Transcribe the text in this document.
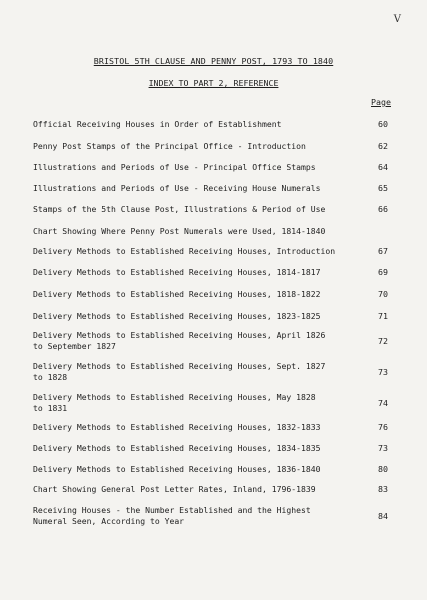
V
BRISTOL 5TH CLAUSE AND PENNY POST, 1793 TO 1840
INDEX TO PART 2, REFERENCE
Page
Official Receiving Houses in Order of Establishment	60
Penny Post Stamps of the Principal Office - Introduction	62
Illustrations and Periods of Use - Principal Office Stamps	64
Illustrations and Periods of Use - Receiving House Numerals	65
Stamps of the 5th Clause Post, Illustrations & Period of Use	66
Chart Showing Where Penny Post Numerals were Used, 1814-1840
Delivery Methods to Established Receiving Houses, Introduction	67
Delivery Methods to Established Receiving Houses, 1814-1817	69
Delivery Methods to Established Receiving Houses, 1818-1822	70
Delivery Methods to Established Receiving Houses, 1823-1825	71
Delivery Methods to Established Receiving Houses, April 1826
to September 1827	72
Delivery Methods to Established Receiving Houses, Sept. 1827
to 1828	73
Delivery Methods to Established Receiving Houses, May 1828
to 1831	74
Delivery Methods to Established Receiving Houses, 1832-1833	76
Delivery Methods to Established Receiving Houses, 1834-1835	73
Delivery Methods to Established Receiving Houses, 1836-1840	80
Chart Showing General Post Letter Rates, Inland, 1796-1839	83
Receiving Houses - the Number Established and the Highest
Numeral Seen, According to Year	84
